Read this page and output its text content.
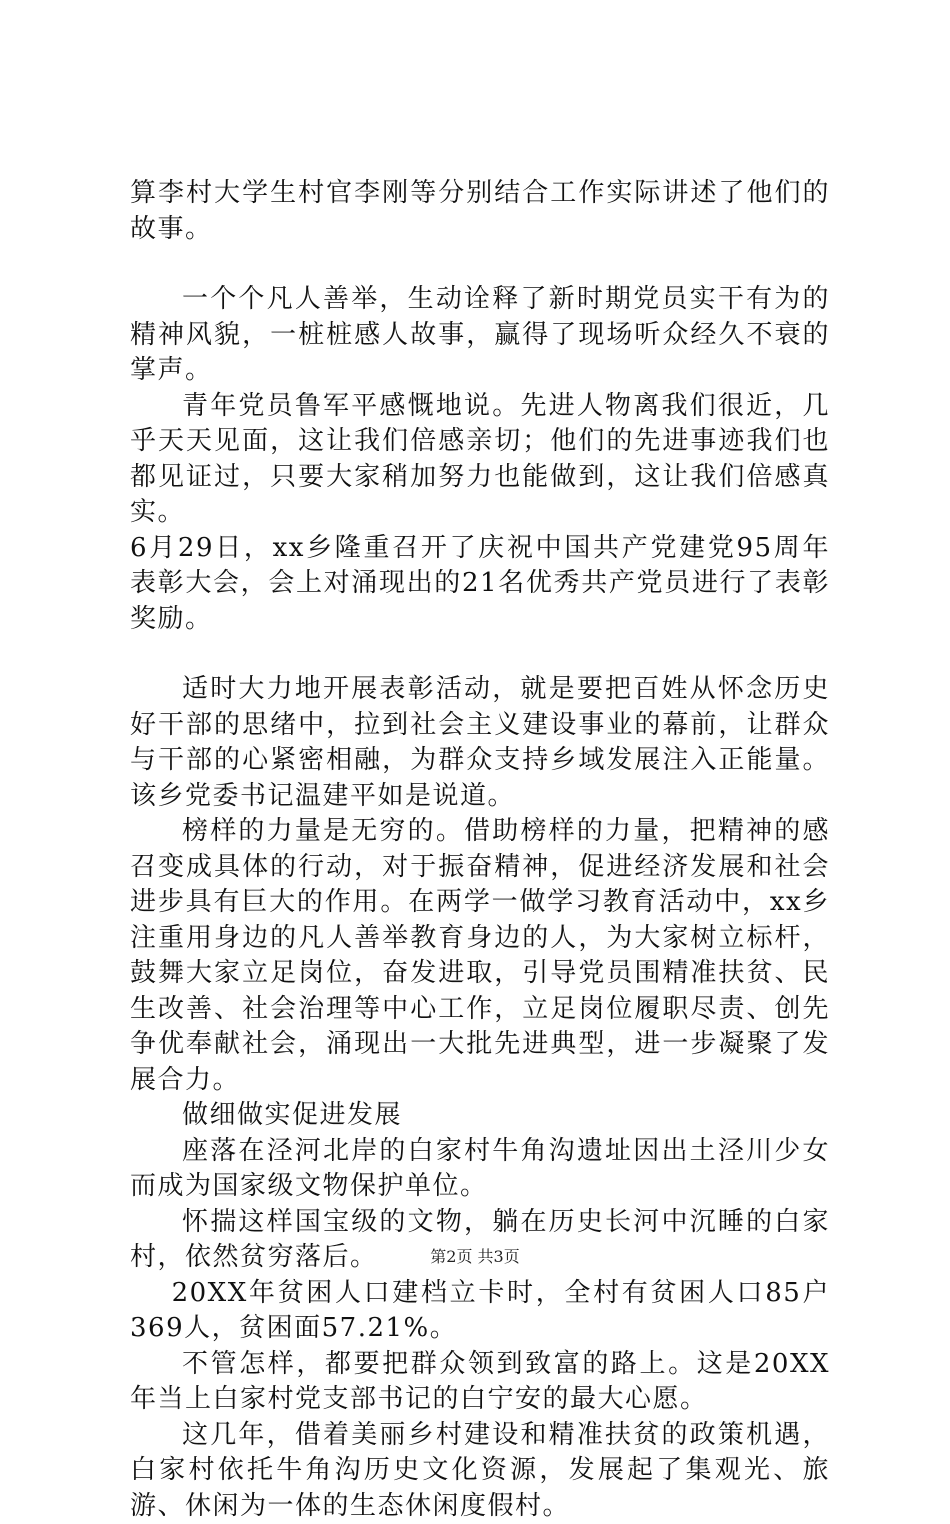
算李村大学生村官李刚等分别结合工作实际讲述了他们的故事。

一个个凡人善举，生动诠释了新时期党员实干有为的精神风貌，一桩桩感人故事，赢得了现场听众经久不衰的掌声。

青年党员鲁军平感慨地说。先进人物离我们很近，几乎天天见面，这让我们倍感亲切；他们的先进事迹我们也都见证过，只要大家稍加努力也能做到，这让我们倍感真实。

6月29日，xx乡隆重召开了庆祝中国共产党建党95周年表彰大会，会上对涌现出的21名优秀共产党员进行了表彰奖励。

适时大力地开展表彰活动，就是要把百姓从怀念历史好干部的思绪中，拉到社会主义建设事业的幕前，让群众与干部的心紧密相融，为群众支持乡域发展注入正能量。该乡党委书记温建平如是说道。

榜样的力量是无穷的。借助榜样的力量，把精神的感召变成具体的行动，对于振奋精神，促进经济发展和社会进步具有巨大的作用。在两学一做学习教育活动中，xx乡注重用身边的凡人善举教育身边的人，为大家树立标杆，鼓舞大家立足岗位，奋发进取，引导党员围精准扶贫、民生改善、社会治理等中心工作，立足岗位履职尽责、创先争优奉献社会，涌现出一大批先进典型，进一步凝聚了发展合力。

做细做实促进发展

座落在泾河北岸的白家村牛角沟遗址因出土泾川少女而成为国家级文物保护单位。

怀揣这样国宝级的文物，躺在历史长河中沉睡的白家村，依然贫穷落后。

20XX年贫困人口建档立卡时，全村有贫困人口85户369人，贫困面57.21%。

不管怎样，都要把群众领到致富的路上。这是20XX年当上白家村党支部书记的白宁安的最大心愿。

这几年，借着美丽乡村建设和精准扶贫的政策机遇，白家村依托牛角沟历史文化资源，发展起了集观光、旅游、休闲为一体的生态休闲度假村。

第2页 共3页
